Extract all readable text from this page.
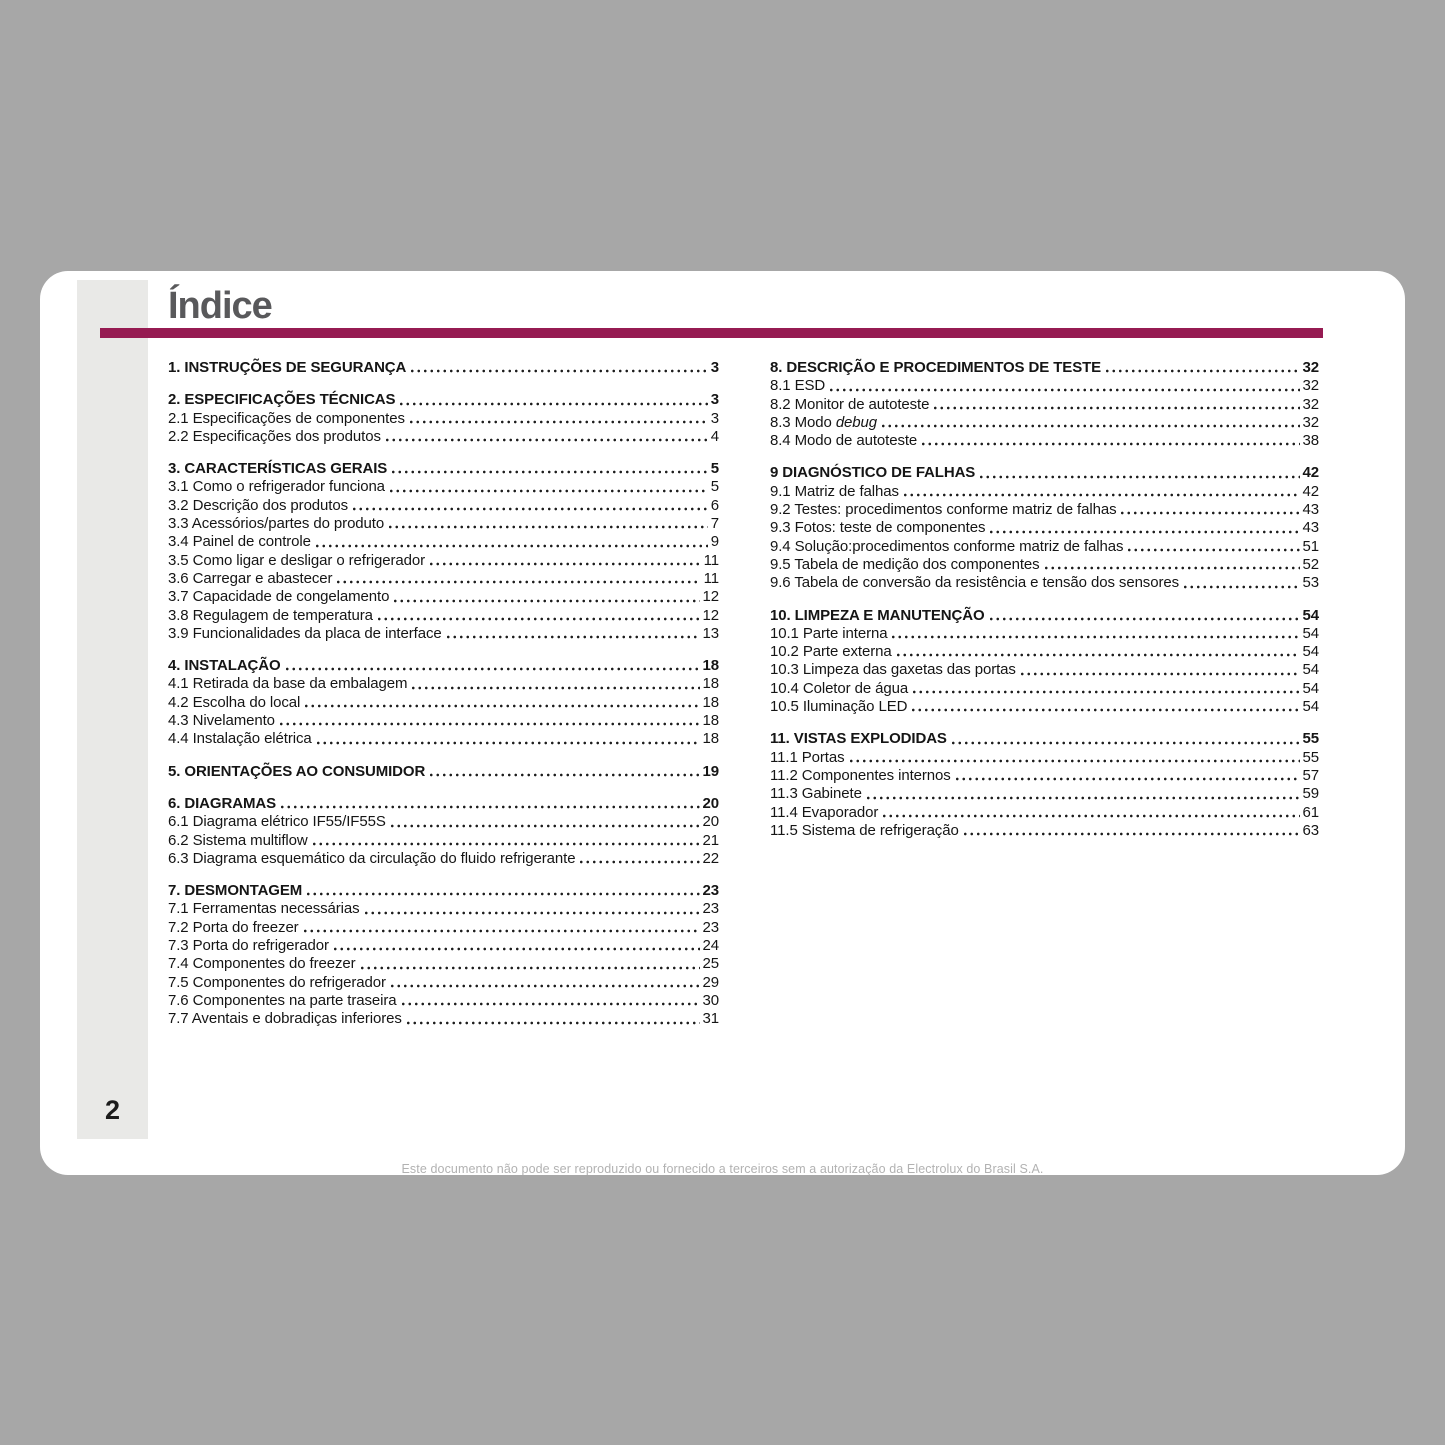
2
Índice
1. INSTRUÇÕES DE SEGURANÇA	3
2. ESPECIFICAÇÕES TÉCNICAS	3
2.1 Especificações de componentes	3
2.2 Especificações dos produtos	4
3. CARACTERÍSTICAS GERAIS	5
3.1 Como o refrigerador funciona	5
3.2 Descrição dos produtos	6
3.3 Acessórios/partes do produto	7
3.4 Painel de controle	9
3.5 Como ligar e desligar o refrigerador	11
3.6 Carregar e abastecer	11
3.7 Capacidade de congelamento	12
3.8 Regulagem de temperatura	12
3.9 Funcionalidades da placa de interface	13
4. INSTALAÇÃO	18
4.1 Retirada da base da embalagem	18
4.2 Escolha do local	18
4.3 Nivelamento	18
4.4 Instalação elétrica	18
5. ORIENTAÇÕES AO CONSUMIDOR	19
6. DIAGRAMAS	20
6.1 Diagrama elétrico IF55/IF55S	20
6.2 Sistema multiflow	21
6.3 Diagrama esquemático da circulação do fluido refrigerante	22
7. DESMONTAGEM	23
7.1 Ferramentas necessárias	23
7.2 Porta do freezer	23
7.3 Porta do refrigerador	24
7.4 Componentes do freezer	25
7.5 Componentes do refrigerador	29
7.6 Componentes na parte traseira	30
7.7 Aventais e dobradiças inferiores	31
8. DESCRIÇÃO E PROCEDIMENTOS DE TESTE	32
8.1 ESD	32
8.2 Monitor de autoteste	32
8.3 Modo debug	32
8.4 Modo de autoteste	38
9 DIAGNÓSTICO DE FALHAS	42
9.1 Matriz de falhas	42
9.2 Testes: procedimentos conforme matriz de falhas	43
9.3 Fotos: teste de componentes	43
9.4 Solução:procedimentos conforme matriz de falhas	51
9.5 Tabela de medição dos componentes	52
9.6 Tabela de conversão da resistência e tensão dos sensores	53
10. LIMPEZA E MANUTENÇÃO	54
10.1 Parte interna	54
10.2 Parte externa	54
10.3 Limpeza das gaxetas das portas	54
10.4 Coletor de água	54
10.5 Iluminação LED	54
11. VISTAS EXPLODIDAS	55
11.1 Portas	55
11.2 Componentes internos	57
11.3 Gabinete	59
11.4 Evaporador	61
11.5 Sistema de refrigeração	63
Este documento não pode ser reproduzido ou fornecido a terceiros sem a autorização da Electrolux do Brasil S.A.
